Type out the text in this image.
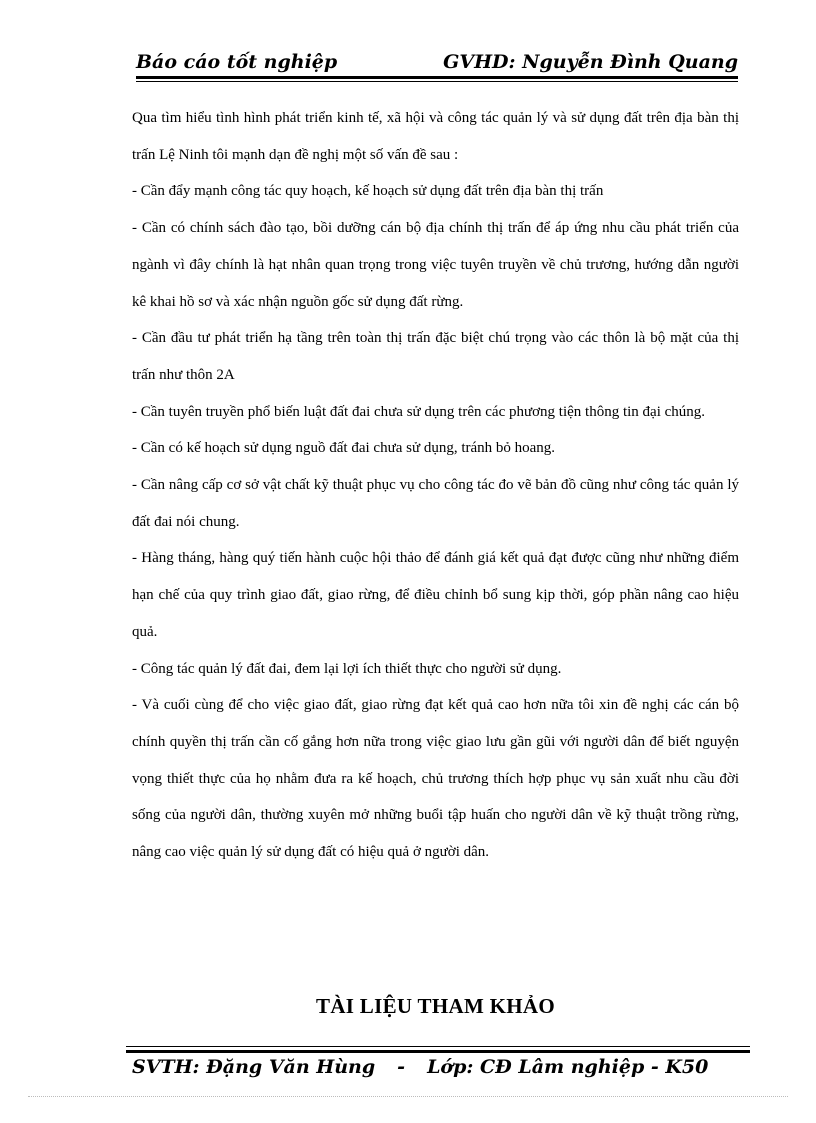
Báo cáo tốt nghiệp	GVHD: Nguyễn Đình Quang

Qua tìm hiểu tình hình phát triển kinh tế, xã hội và công tác quản lý và sử dụng đất trên địa bàn thị trấn Lệ Ninh tôi mạnh dạn đề nghị một số vấn đề sau :

- Cần đẩy mạnh công tác quy hoạch, kế hoạch sử dụng đất trên địa bàn thị trấn

- Cần có chính sách đào tạo, bồi dưỡng cán bộ địa chính thị trấn để áp ứng nhu cầu phát triển của ngành vì đây chính là hạt nhân quan trọng trong việc tuyên truyền về chủ trương, hướng dẫn người kê khai hồ sơ và xác nhận nguồn gốc sử dụng đất rừng.

- Cần đầu tư phát triển hạ tầng trên toàn thị trấn đặc biệt chú trọng vào các thôn là bộ mặt của thị trấn như thôn 2A

- Cần tuyên truyền phổ biến luật đất đai chưa sử dụng trên các phương tiện thông tin đại chúng.

- Cần có kế hoạch sử dụng nguồ đất đai chưa sử dụng, tránh bỏ hoang.

- Cần nâng cấp cơ sở vật chất kỹ thuật phục vụ cho công tác đo vẽ bản đồ cũng như công tác quản lý đất đai nói chung.

- Hàng tháng, hàng quý tiến hành cuộc hội thảo để đánh giá kết quả đạt được cũng như những điểm hạn chế của quy trình giao đất, giao rừng, để điều chỉnh bổ sung kịp thời, góp phần nâng cao hiệu quả.

- Công tác quản lý đất đai, đem lại lợi ích thiết thực cho người sử dụng.

- Và cuối cùng để cho việc giao đất, giao rừng đạt kết quả cao hơn nữa tôi xin đề nghị các cán bộ chính quyền thị trấn cần cố gắng hơn nữa trong việc giao lưu gần gũi với người dân để biết nguyện vọng thiết thực của họ nhằm đưa ra kế hoạch, chủ trương thích hợp phục vụ sản xuất nhu cầu đời sống của người dân, thường xuyên mở những buổi tập huấn cho người dân về kỹ thuật trồng rừng, nâng cao việc quản lý sử dụng đất có hiệu quả ở người dân.

TÀI LIỆU THAM KHẢO
SVTH: Đặng Văn Hùng - Lớp: CĐ Lâm nghiệp - K50
